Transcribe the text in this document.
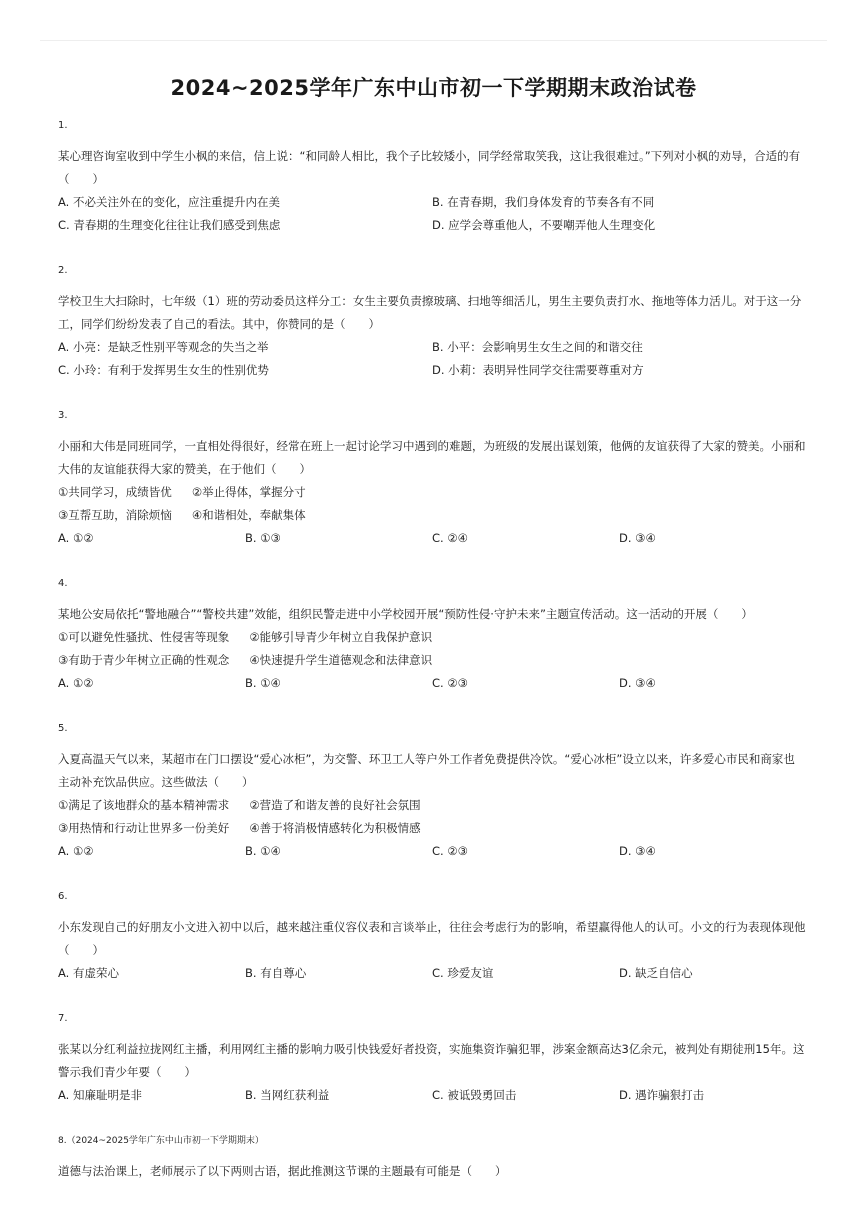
2024~2025学年广东中山市初一下学期期末政治试卷
1.
某心理咨询室收到中学生小枫的来信，信上说：“和同龄人相比，我个子比较矮小，同学经常取笑我，这让我很难过。”下列对小枫的劝导，合适的有（　　）
A. 不必关注外在的变化，应注重提升内在美	B. 在青春期，我们身体发育的节奏各有不同
C. 青春期的生理变化往往让我们感受到焦虑	D. 应学会尊重他人，不要嘲弄他人生理变化
2.
学校卫生大扫除时，七年级（1）班的劳动委员这样分工：女生主要负责擦玻璃、扫地等细活儿，男生主要负责打水、拖地等体力活儿。对于这一分工，同学们纷纷发表了自己的看法。其中，你赞同的是（　　）
A. 小亮：是缺乏性别平等观念的失当之举	B. 小平：会影响男生女生之间的和谐交往
C. 小玲：有利于发挥男生女生的性别优势	D. 小莉：表明异性同学交往需要尊重对方
3.
小丽和大伟是同班同学，一直相处得很好，经常在班上一起讨论学习中遇到的难题，为班级的发展出谋划策，他俩的友谊获得了大家的赞美。小丽和大伟的友谊能获得大家的赞美，在于他们（　　）
①共同学习，成绩皆优 ②举止得体，掌握分寸
③互帮互助，消除烦恼 ④和谐相处，奉献集体
A. ①②	B. ①③	C. ②④	D. ③④
4.
某地公安局依托“警地融合”“警校共建”效能，组织民警走进中小学校园开展“预防性侵·守护未来”主题宣传活动。这一活动的开展（　　）
①可以避免性骚扰、性侵害等现象 ②能够引导青少年树立自我保护意识
③有助于青少年树立正确的性观念 ④快速提升学生道德观念和法律意识
A. ①②	B. ①④	C. ②③	D. ③④
5.
入夏高温天气以来，某超市在门口摆设“爱心冰柜”，为交警、环卫工人等户外工作者免费提供冷饮。“爱心冰柜”设立以来，许多爱心市民和商家也主动补充饮品供应。这些做法（　　）
①满足了该地群众的基本精神需求 ②营造了和谐友善的良好社会氛围
③用热情和行动让世界多一份美好 ④善于将消极情感转化为积极情感
A. ①②	B. ①④	C. ②③	D. ③④
6.
小东发现自己的好朋友小文进入初中以后，越来越注重仪容仪表和言谈举止，往往会考虑行为的影响，希望赢得他人的认可。小文的行为表现体现他（　　）
A. 有虚荣心	B. 有自尊心	C. 珍爱友谊	D. 缺乏自信心
7.
张某以分红利益拉拢网红主播，利用网红主播的影响力吸引快钱爱好者投资，实施集资诈骗犯罪，涉案金额高达3亿余元，被判处有期徒刑15年。这警示我们青少年要（　　）
A. 知廉耻明是非	B. 当网红获利益	C. 被诋毁勇回击	D. 遇诈骗狠打击
8.（2024~2025学年广东中山市初一下学期期末）
道德与法治课上，老师展示了以下两则古语，据此推测这节课的主题最有可能是（　　）
